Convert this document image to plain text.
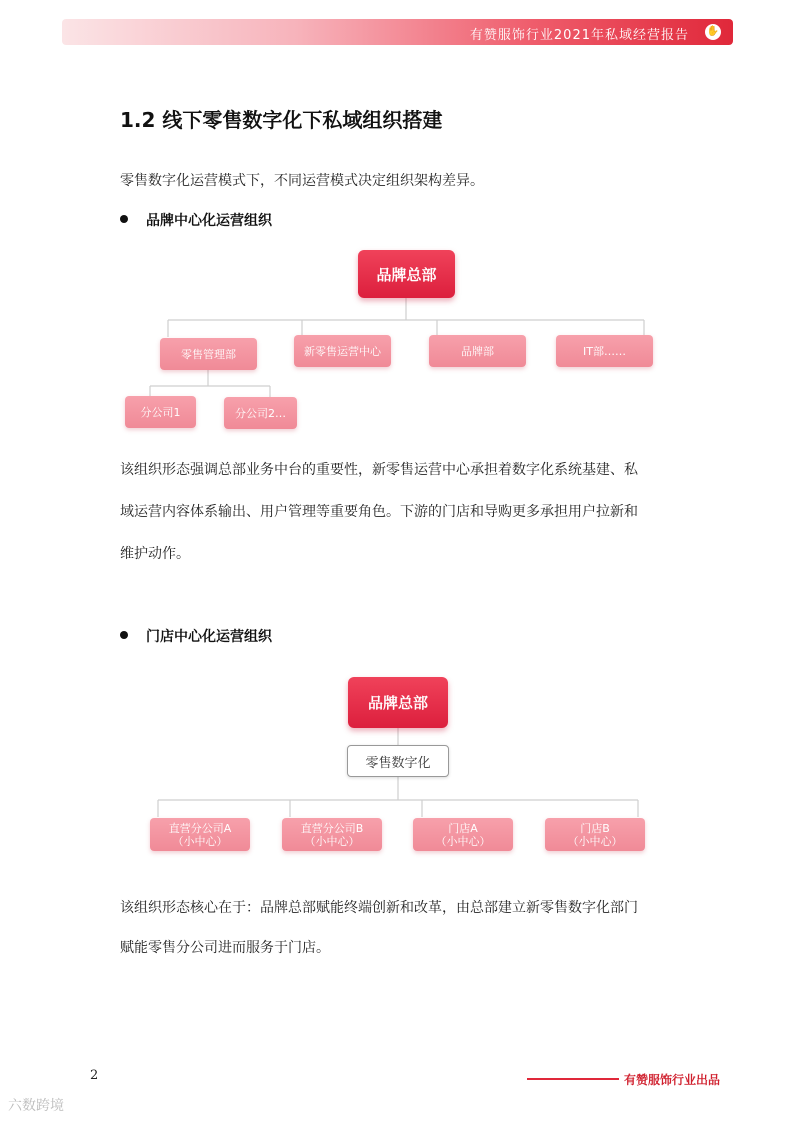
有赞服饰行业2021年私域经营报告 ✋
1.2 线下零售数字化下私域组织搭建
零售数字化运营模式下，不同运营模式决定组织架构差异。
品牌中心化运营组织
品牌总部
零售管理部	新零售运营中心	品牌部	IT部……
分公司1	分公司2…
该组织形态强调总部业务中台的重要性，新零售运营中心承担着数字化系统基建、私
域运营内容体系输出、用户管理等重要角色。下游的门店和导购更多承担用户拉新和
维护动作。
门店中心化运营组织
品牌总部
零售数字化
直营分公司A
（小中心）
直营分公司B
（小中心）
门店A
（小中心）
门店B
（小中心）
该组织形态核心在于：品牌总部赋能终端创新和改革，由总部建立新零售数字化部门
赋能零售分公司进而服务于门店。
2	有赞服饰行业出品
六数跨境
